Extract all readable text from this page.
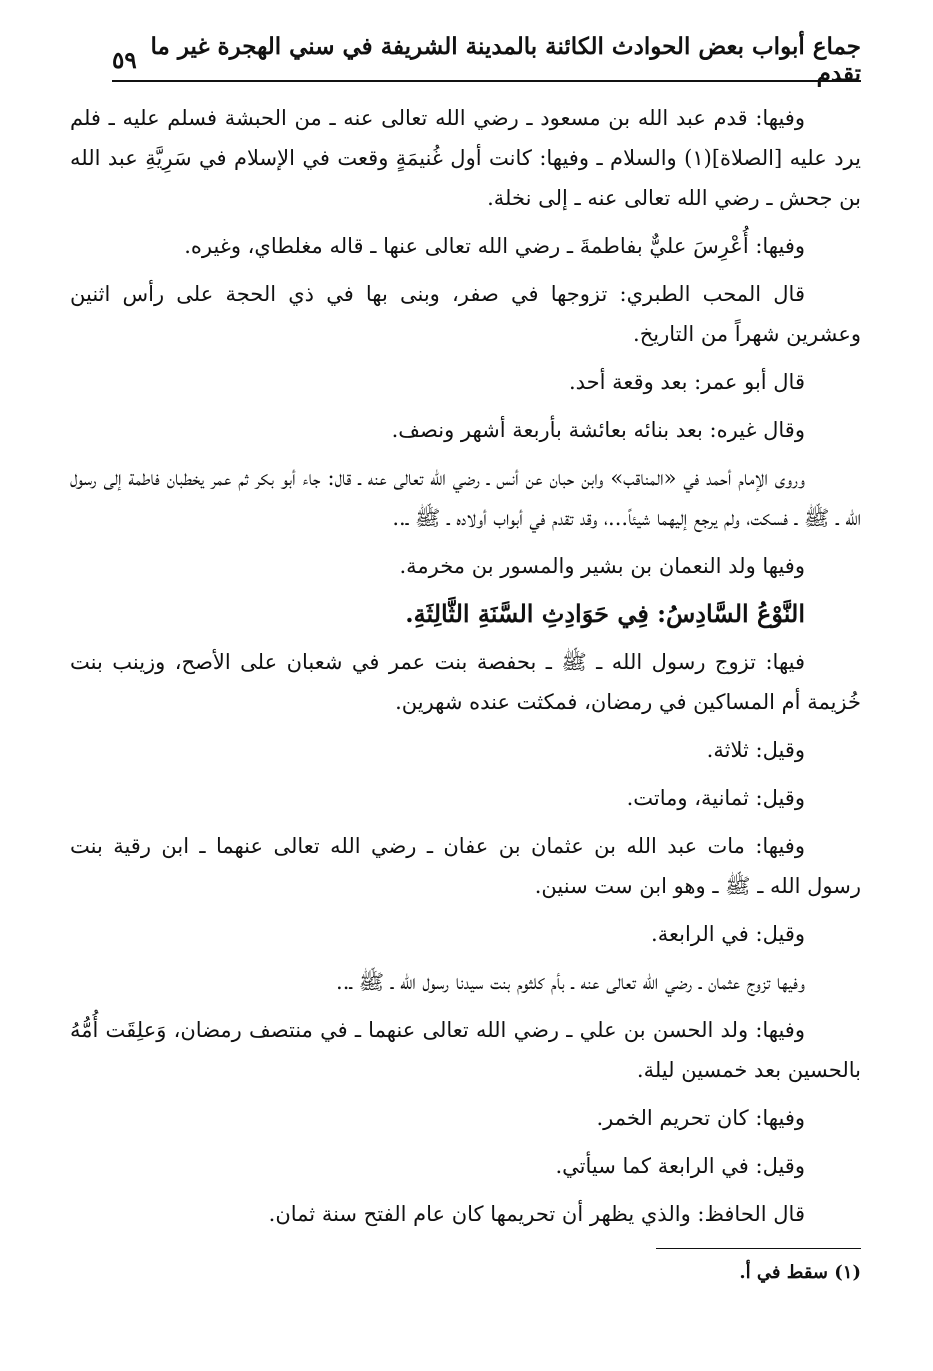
جماع أبواب بعض الحوادث الكائنة بالمدينة الشريفة في سني الهجرة غير ما تقدم
٥٩

وفيها: قدم عبد الله بن مسعود ـ رضي الله تعالى عنه ـ من الحبشة فسلم عليه ـ فلم يرد عليه [الصلاة](١) والسلام ـ وفيها: كانت أول غُنيمَةٍ وقعت في الإسلام في سَرِيَّةِ عبد الله بن جحش ـ رضي الله تعالى عنه ـ إلى نخلة.

وفيها: أُعْرِسَ عليٌّ بفاطمةَ ـ رضي الله تعالى عنها ـ قاله مغلطاي، وغيره.

قال المحب الطبري: تزوجها في صفر، وبنى بها في ذي الحجة على رأس اثنين وعشرين شهراً من التاريخ.

قال أبو عمر: بعد وقعة أحد.

وقال غيره: بعد بنائه بعائشة بأربعة أشهر ونصف.

وروى الإمام أحمد في «المناقب» وابن حبان عن أنس ـ رضي الله تعالى عنه ـ قال: جاء أبو بكر ثم عمر يخطبان فاطمة إلى رسول الله ـ ﷺ ـ فسكت، ولم يرجع إليهما شيئاً...، وقد تقدم في أبواب أولاده ـ ﷺ ـ..

وفيها ولد النعمان بن بشير والمسور بن مخرمة.

النَّوْعُ السَّادِسُ: فِي حَوَادِثِ السَّنَةِ الثَّالِثَةِ.

فيها: تزوج رسول الله ـ ﷺ ـ بحفصة بنت عمر في شعبان على الأصح، وزينب بنت خُزيمة أم المساكين في رمضان، فمكثت عنده شهرين.

وقيل: ثلاثة.

وقيل: ثمانية، وماتت.

وفيها: مات عبد الله بن عثمان بن عفان ـ رضي الله تعالى عنهما ـ ابن رقية بنت رسول الله ـ ﷺ ـ وهو ابن ست سنين.

وقيل: في الرابعة.

وفيها تزوج عثمان ـ رضي الله تعالى عنه ـ بأم كلثوم بنت سيدنا رسول الله ـ ﷺ ـ..

وفيها: ولد الحسن بن علي ـ رضي الله تعالى عنهما ـ في منتصف رمضان، وَعلِقَت أُمُّهُ بالحسين بعد خمسين ليلة.

وفيها: كان تحريم الخمر.

وقيل: في الرابعة كما سيأتي.

قال الحافظ: والذي يظهر أن تحريمها كان عام الفتح سنة ثمان.

(١) سقط في أ.
